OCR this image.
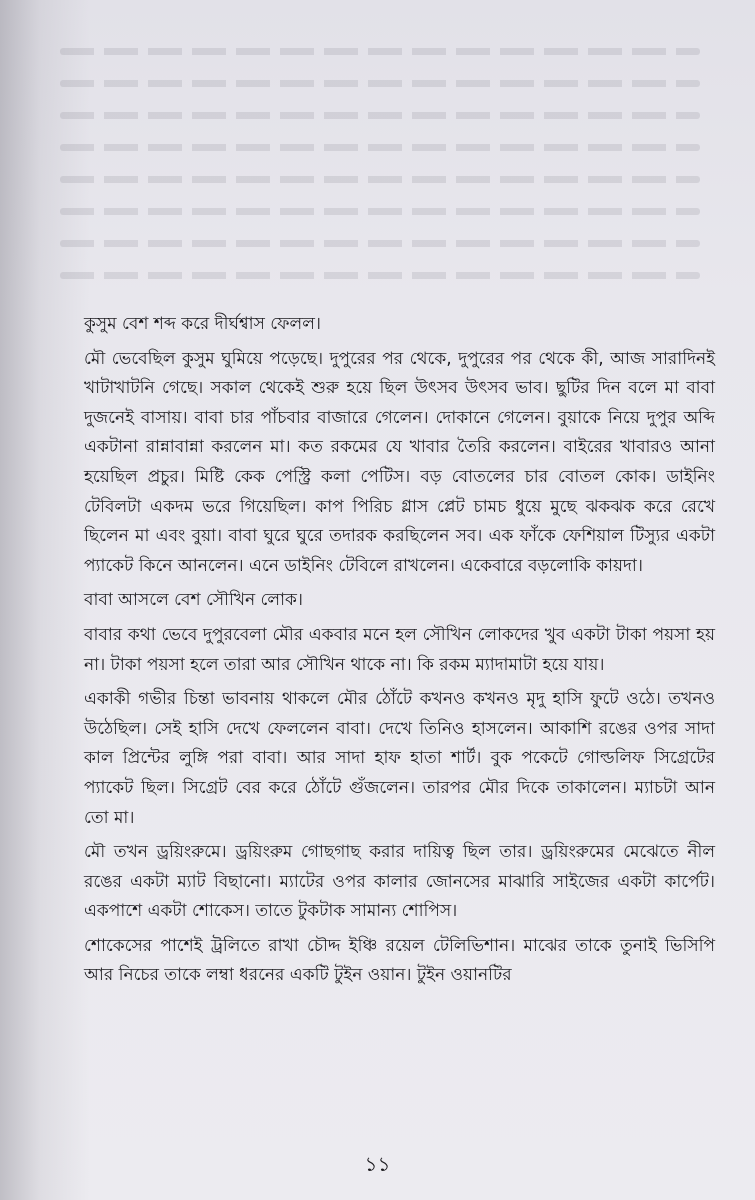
কুসুম বেশ শব্দ করে দীর্ঘশ্বাস ফেলল।

মৌ ভেবেছিল কুসুম ঘুমিয়ে পড়েছে। দুপুরের পর থেকে, দুপুরের পর থেকে কী, আজ সারাদিনই খাটাখাটনি গেছে। সকাল থেকেই শুরু হয়ে ছিল উৎসব উৎসব ভাব। ছুটির দিন বলে মা বাবা দুজনেই বাসায়। বাবা চার পাঁচবার বাজারে গেলেন। দোকানে গেলেন। বুয়াকে নিয়ে দুপুর অব্দি একটানা রান্নাবান্না করলেন মা। কত রকমের যে খাবার তৈরি করলেন। বাইরের খাবারও আনা হয়েছিল প্রচুর। মিষ্টি কেক পেস্ট্রি কলা পেটিস। বড় বোতলের চার বোতল কোক। ডাইনিং টেবিলটা একদম ভরে গিয়েছিল। কাপ পিরিচ গ্লাস প্লেট চামচ ধুয়ে মুছে ঝকঝক করে রেখে ছিলেন মা এবং বুয়া। বাবা ঘুরে ঘুরে তদারক করছিলেন সব। এক ফাঁকে ফেশিয়াল টিস্যুর একটা প্যাকেট কিনে আনলেন। এনে ডাইনিং টেবিলে রাখলেন। একেবারে বড়লোকি কায়দা।

বাবা আসলে বেশ সৌখিন লোক।

বাবার কথা ভেবে দুপুরবেলা মৌর একবার মনে হল সৌখিন লোকদের খুব একটা টাকা পয়সা হয় না। টাকা পয়সা হলে তারা আর সৌখিন থাকে না। কি রকম ম্যাদামাটা হয়ে যায়।

একাকী গভীর চিন্তা ভাবনায় থাকলে মৌর ঠোঁটে কখনও কখনও মৃদু হাসি ফুটে ওঠে। তখনও উঠেছিল। সেই হাসি দেখে ফেললেন বাবা। দেখে তিনিও হাসলেন। আকাশি রঙের ওপর সাদা কাল প্রিন্টের লুঙ্গি পরা বাবা। আর সাদা হাফ হাতা শার্ট। বুক পকেটে গোল্ডলিফ সিগ্রেটের প্যাকেট ছিল। সিগ্রেট বের করে ঠোঁটে গুঁজলেন। তারপর মৌর দিকে তাকালেন। ম্যাচটা আন তো মা।

মৌ তখন ড্রয়িংরুমে। ড্রয়িংরুম গোছগাছ করার দায়িত্ব ছিল তার। ড্রয়িংরুমের মেঝেতে নীল রঙের একটা ম্যাট বিছানো। ম্যাটের ওপর কালার জোনসের মাঝারি সাইজের একটা কার্পেট। একপাশে একটা শোকেস। তাতে টুকটাক সামান্য শোপিস।

শোকেসের পাশেই ট্রলিতে রাখা চৌদ্দ ইঞ্চি রয়েল টেলিভিশান। মাঝের তাকে তুনাই ভিসিপি আর নিচের তাকে লম্বা ধরনের একটি টুইন ওয়ান। টুইন ওয়ানটির

১১
